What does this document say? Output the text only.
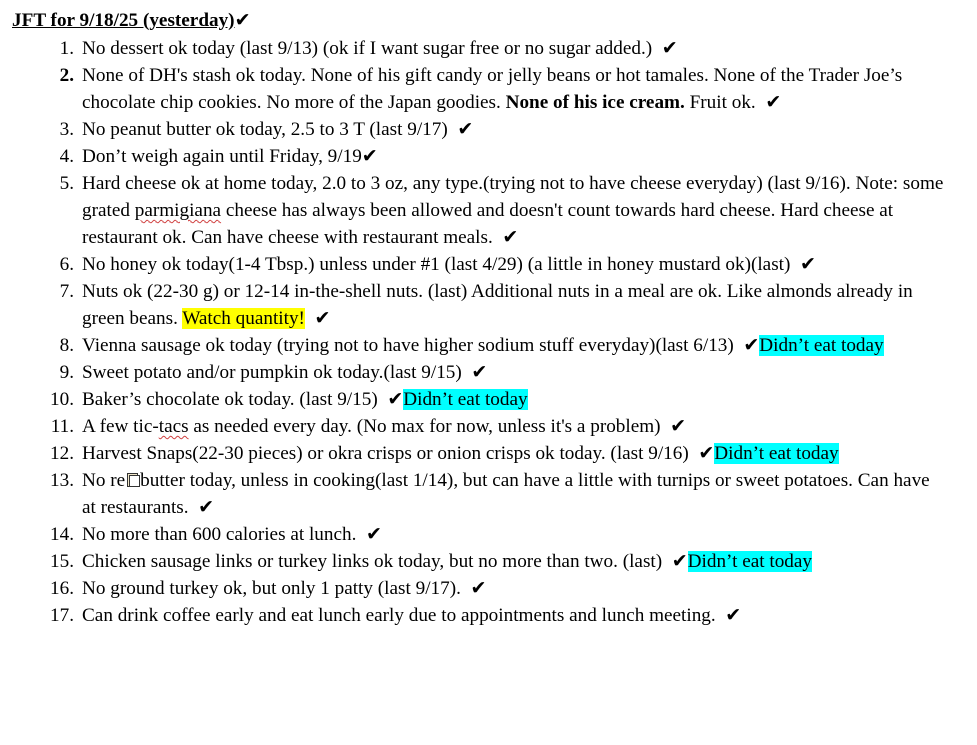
JFT for 9/18/25 (yesterday)✔
1. No dessert ok today (last 9/13) (ok if I want sugar free or no sugar added.) ✔
2. None of DH's stash ok today. None of his gift candy or jelly beans or hot tamales. None of the Trader Joe’s chocolate chip cookies. No more of the Japan goodies. None of his ice cream. Fruit ok. ✔
3. No peanut butter ok today, 2.5 to 3 T (last 9/17) ✔
4. Don’t weigh again until Friday, 9/19✔
5. Hard cheese ok at home today, 2.0 to 3 oz, any type.(trying not to have cheese everyday) (last 9/16). Note: some grated parmigiana cheese has always been allowed and doesn't count towards hard cheese. Hard cheese at restaurant ok. Can have cheese with restaurant meals. ✔
6. No honey ok today(1-4 Tbsp.) unless under #1 (last 4/29) (a little in honey mustard ok)(last) ✔
7. Nuts ok (22-30 g) or 12-14 in-the-shell nuts. (last) Additional nuts in a meal are ok. Like almonds already in green beans. Watch quantity! ✔
8. Vienna sausage ok today (trying not to have higher sodium stuff everyday)(last 6/13) ✔Didn’t eat today
9. Sweet potato and/or pumpkin ok today.(last 9/15) ✔
10. Baker’s chocolate ok today. (last 9/15) ✔Didn’t eat today
11. A few tic-tacs as needed every day. (No max for now, unless it's a problem) ✔
12. Harvest Snaps(22-30 pieces) or okra crisps or onion crisps ok today. (last 9/16) ✔Didn’t eat today
13. No re butter today, unless in cooking(last 1/14), but can have a little with turnips or sweet potatoes. Can have at restaurants. ✔
14. No more than 600 calories at lunch. ✔
15. Chicken sausage links or turkey links ok today, but no more than two. (last) ✔Didn’t eat today
16. No ground turkey ok, but only 1 patty (last 9/17). ✔
17. Can drink coffee early and eat lunch early due to appointments and lunch meeting. ✔
